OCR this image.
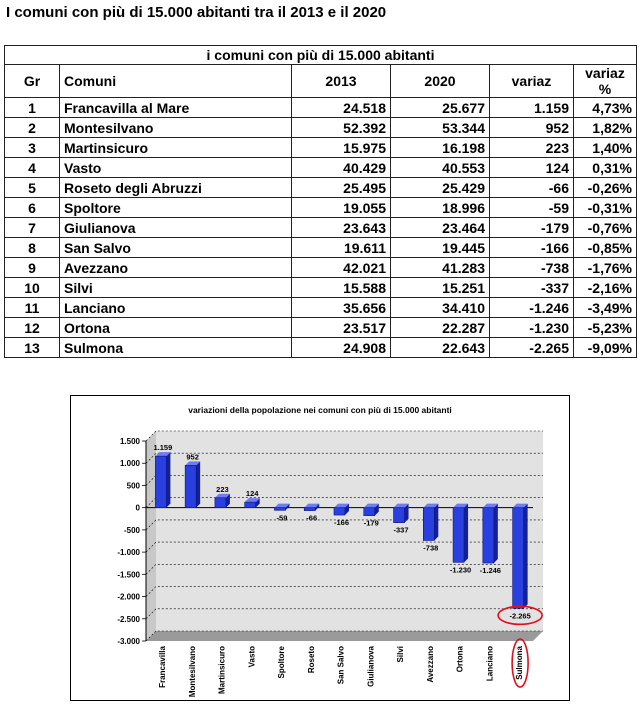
I comuni con più di 15.000 abitanti tra il 2013 e il 2020
i comuni con più di 15.000 abitanti					
Gr	Comuni	2013	2020	variaz	variaz %
1	Francavilla al Mare	24.518	25.677	1.159	4,73%
2	Montesilvano	52.392	53.344	952	1,82%
3	Martinsicuro	15.975	16.198	223	1,40%
4	Vasto	40.429	40.553	124	0,31%
5	Roseto degli Abruzzi	25.495	25.429	-66	-0,26%
6	Spoltore	19.055	18.996	-59	-0,31%
7	Giulianova	23.643	23.464	-179	-0,76%
8	San Salvo	19.611	19.445	-166	-0,85%
9	Avezzano	42.021	41.283	-738	-1,76%
10	Silvi	15.588	15.251	-337	-2,16%
11	Lanciano	35.656	34.410	-1.246	-3,49%
12	Ortona	23.517	22.287	-1.230	-5,23%
13	Sulmona	24.908	22.643	-2.265	-9,09%
variazioni della popolazione nei comuni con più di 15.000 abitanti
1.500
1.000
500
0
-500
-1.000
-1.500
-2.000
-2.500
-3.000
1.159
Francavilla
952
Montesilvano
223
Martinsicuro
124
Vasto
-59
Spoltore
-66
Roseto
-166
San Salvo
-179
Giulianova
-337
Silvi
-738
Avezzano
-1.230
Ortona
-1.246
Lanciano
-2.265
Sulmona
